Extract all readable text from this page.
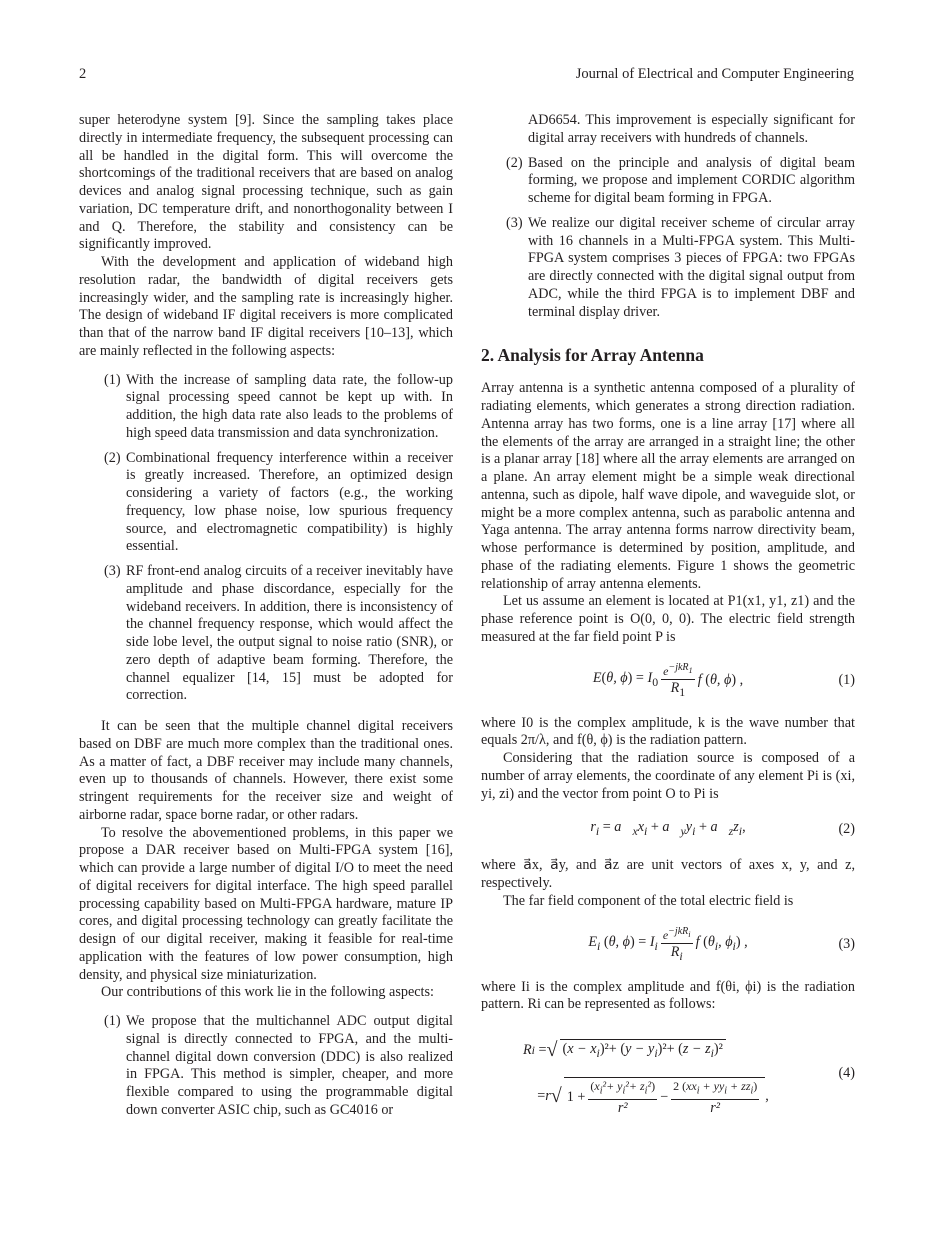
2	Journal of Electrical and Computer Engineering

super heterodyne system [9]. Since the sampling takes place directly in intermediate frequency, the subsequent processing can all be handled in the digital form. This will overcome the shortcomings of the traditional receivers that are based on analog devices and analog signal processing technique, such as gain variation, DC temperature drift, and nonorthogonality between I and Q. Therefore, the stability and consistency can be significantly improved.

With the development and application of wideband high resolution radar, the bandwidth of digital receivers gets increasingly wider, and the sampling rate is increasingly higher. The design of wideband IF digital receivers is more complicated than that of the narrow band IF digital receivers [10–13], which are mainly reflected in the following aspects:

(1) With the increase of sampling data rate, the follow-up signal processing speed cannot be kept up with. In addition, the high data rate also leads to the problems of high speed data transmission and data synchronization.
(2) Combinational frequency interference within a receiver is greatly increased. Therefore, an optimized design considering a variety of factors (e.g., the working frequency, low phase noise, low spurious frequency source, and electromagnetic compatibility) is highly essential.
(3) RF front-end analog circuits of a receiver inevitably have amplitude and phase discordance, especially for the wideband receivers. In addition, there is inconsistency of the channel frequency response, which would affect the side lobe level, the output signal to noise ratio (SNR), or zero depth of adaptive beam forming. Therefore, the channel equalizer [14, 15] must be adopted for correction.

It can be seen that the multiple channel digital receivers based on DBF are much more complex than the traditional ones. As a matter of fact, a DBF receiver may include many channels, even up to thousands of channels. However, there exist some stringent requirements for the receiver size and weight of airborne radar, space borne radar, or other radars.

To resolve the abovementioned problems, in this paper we propose a DAR receiver based on Multi-FPGA system [16], which can provide a large number of digital I/O to meet the need of digital receivers for digital interface. The high speed parallel processing capability based on Multi-FPGA hardware, mature IP cores, and digital processing technology can greatly facilitate the design of our digital receiver, making it feasible for real-time application with the features of low power consumption, high density, and physical size miniaturization.

Our contributions of this work lie in the following aspects:

(1) We propose that the multichannel ADC output digital signal is directly connected to FPGA, and the multi-channel digital down conversion (DDC) is also realized in FPGA. This method is simpler, cheaper, and more flexible compared to using the programmable digital down converter ASIC chip, such as GC4016 or
AD6654. This improvement is especially significant for digital array receivers with hundreds of channels.
(2) Based on the principle and analysis of digital beam forming, we propose and implement CORDIC algorithm scheme for digital beam forming in FPGA.
(3) We realize our digital receiver scheme of circular array with 16 channels in a Multi-FPGA system. This Multi-FPGA system comprises 3 pieces of FPGA: two FPGAs are directly connected with the digital signal output from ADC, while the third FPGA is to implement DBF and terminal display driver.
2. Analysis for Array Antenna

Array antenna is a synthetic antenna composed of a plurality of radiating elements, which generates a strong direction radiation. Antenna array has two forms, one is a line array [17] where all the elements of the array are arranged in a straight line; the other is a planar array [18] where all the array elements are arranged on a plane. An array element might be a simple weak directional antenna, such as dipole, half wave dipole, and waveguide slot, or might be a more complex antenna, such as parabolic antenna and Yaga antenna. The array antenna forms narrow directivity beam, whose performance is determined by position, amplitude, and phase of the radiating elements. Figure 1 shows the geometric relationship of array antenna elements.

Let us assume an element is located at P1(x1, y1, z1) and the phase reference point is O(0, 0, 0). The electric field strength measured at the far field point P is

E(θ, $\phi) = I_0 \frac{e^{-jkR_1}}{R_1}$ f (θ, ϕ) ,	(1)

where I0 is the complex amplitude, k is the wave number that equals 2π/λ, and f(θ, ϕ) is the radiation pattern.

Considering that the radiation source is composed of a number of array elements, the coordinate of any element Pi is (xi, yi, zi) and the vector from point O to Pi is

$r_i$ = $a⃗_xx_i$ + $a⃗_yy_i$ + $a⃗_zz_i$,	(2)

where a⃗x, a⃗y, and a⃗z are unit vectors of axes x, y, and z, respectively.

The far field component of the total electric field is

$E_i$ (θ, $\phi) = I_i \frac{e^{-jkR_i}}{R_i}$ f ($\theta_i$, $\phi_i$) ,	(3)

where Ii is the complex amplitude and f(θi, ϕi) is the radiation pattern. Ri can be represented as follows:

R i = √ $(x - x_i)^2+ (y - y_i)^2+ (z - z_i)^2$
= r √ $1 + \frac{(x_i^2+ y_i^2+ z_i^2)}{\text{r²}} - \frac{2 (xx_i + yy_i + zz_i)}{\text{r²}}$ ,
(4)
